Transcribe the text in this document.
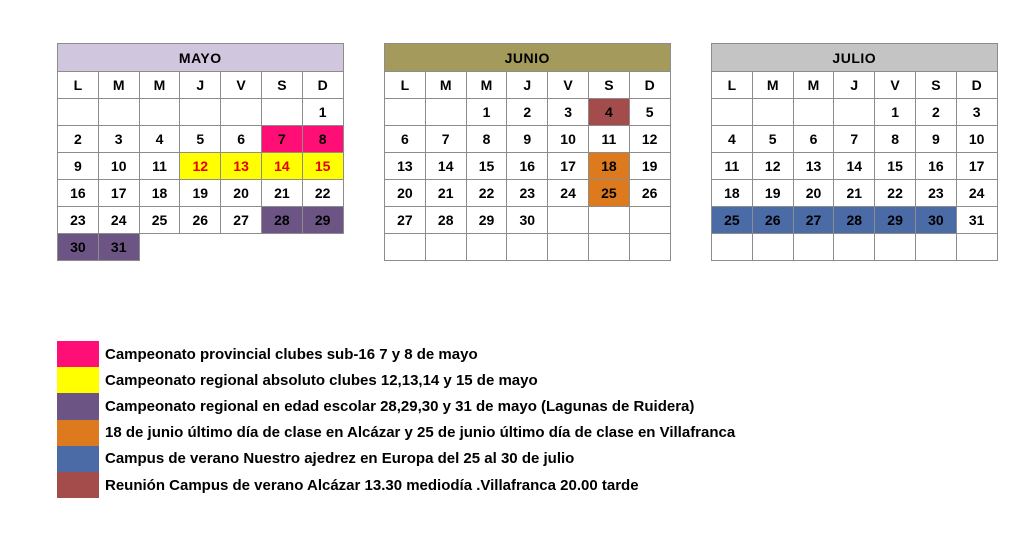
MAYO						
L	M	M	J	V	S	D
						1
2	3	4	5	6	7	8
9	10	11	12	13	14	15
16	17	18	19	20	21	22
23	24	25	26	27	28	29
30	31					
JUNIO						
L	M	M	J	V	S	D
		1	2	3	4	5
6	7	8	9	10	11	12
13	14	15	16	17	18	19
20	21	22	23	24	25	26
27	28	29	30			

JULIO						
L	M	M	J	V	S	D
				1	2	3
4	5	6	7	8	9	10
11	12	13	14	15	16	17
18	19	20	21	22	23	24
25	26	27	28	29	30	31

Campeonato provincial clubes sub-16 7 y 8 de mayo
Campeonato regional absoluto clubes 12,13,14 y 15 de mayo
Campeonato regional en edad escolar 28,29,30 y 31 de mayo (Lagunas de Ruidera)
18 de junio último día de clase en Alcázar y 25 de junio último día de clase en Villafranca
Campus de verano Nuestro ajedrez en Europa del 25 al 30 de julio
Reunión Campus de verano Alcázar 13.30 mediodía .Villafranca 20.00 tarde
